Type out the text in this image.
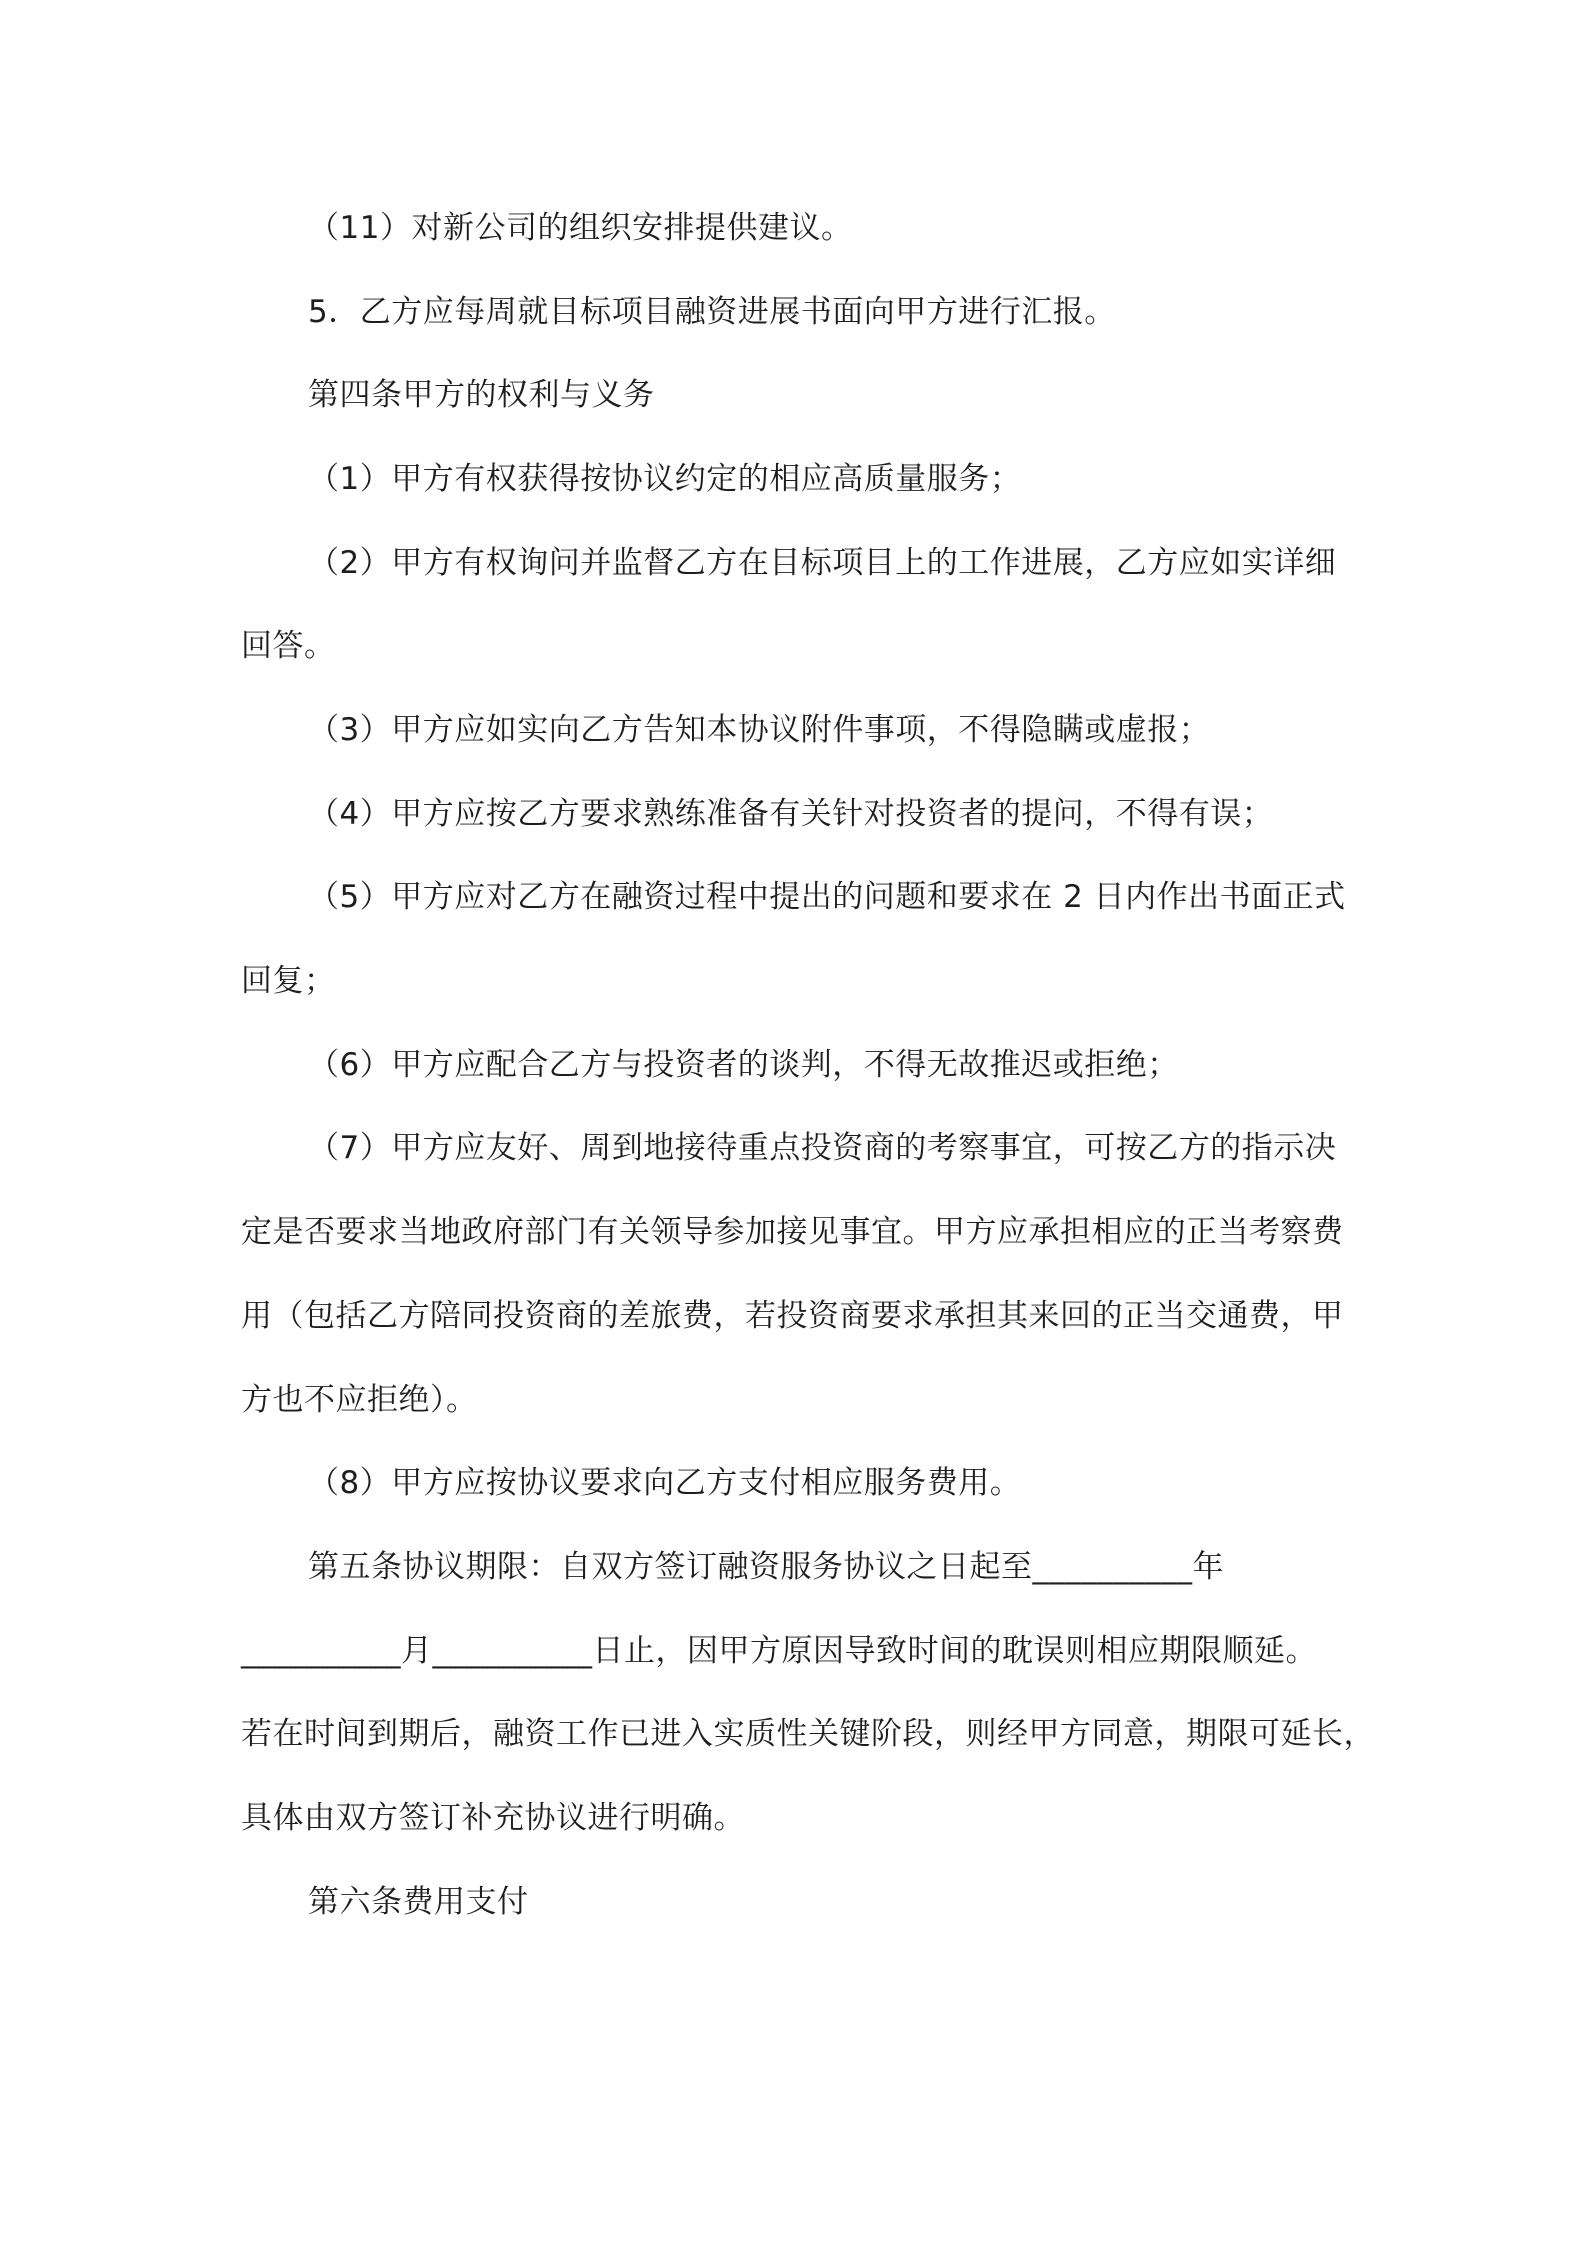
（11）对新公司的组织安排提供建议。
5．乙方应每周就目标项目融资进展书面向甲方进行汇报。
第四条甲方的权利与义务
（1）甲方有权获得按协议约定的相应高质量服务；
（2）甲方有权询问并监督乙方在目标项目上的工作进展，乙方应如实详细
回答。
（3）甲方应如实向乙方告知本协议附件事项，不得隐瞒或虚报；
（4）甲方应按乙方要求熟练准备有关针对投资者的提问，不得有误；
（5）甲方应对乙方在融资过程中提出的问题和要求在 2 日内作出书面正式
回复；
（6）甲方应配合乙方与投资者的谈判，不得无故推迟或拒绝；
（7）甲方应友好、周到地接待重点投资商的考察事宜，可按乙方的指示决
定是否要求当地政府部门有关领导参加接见事宜。甲方应承担相应的正当考察费
用（包括乙方陪同投资商的差旅费，若投资商要求承担其来回的正当交通费，甲
方也不应拒绝）。
（8）甲方应按协议要求向乙方支付相应服务费用。
第五条协议期限：自双方签订融资服务协议之日起至__________年
__________月__________日止，因甲方原因导致时间的耽误则相应期限顺延。
若在时间到期后，融资工作已进入实质性关键阶段，则经甲方同意，期限可延长，
具体由双方签订补充协议进行明确。
第六条费用支付
